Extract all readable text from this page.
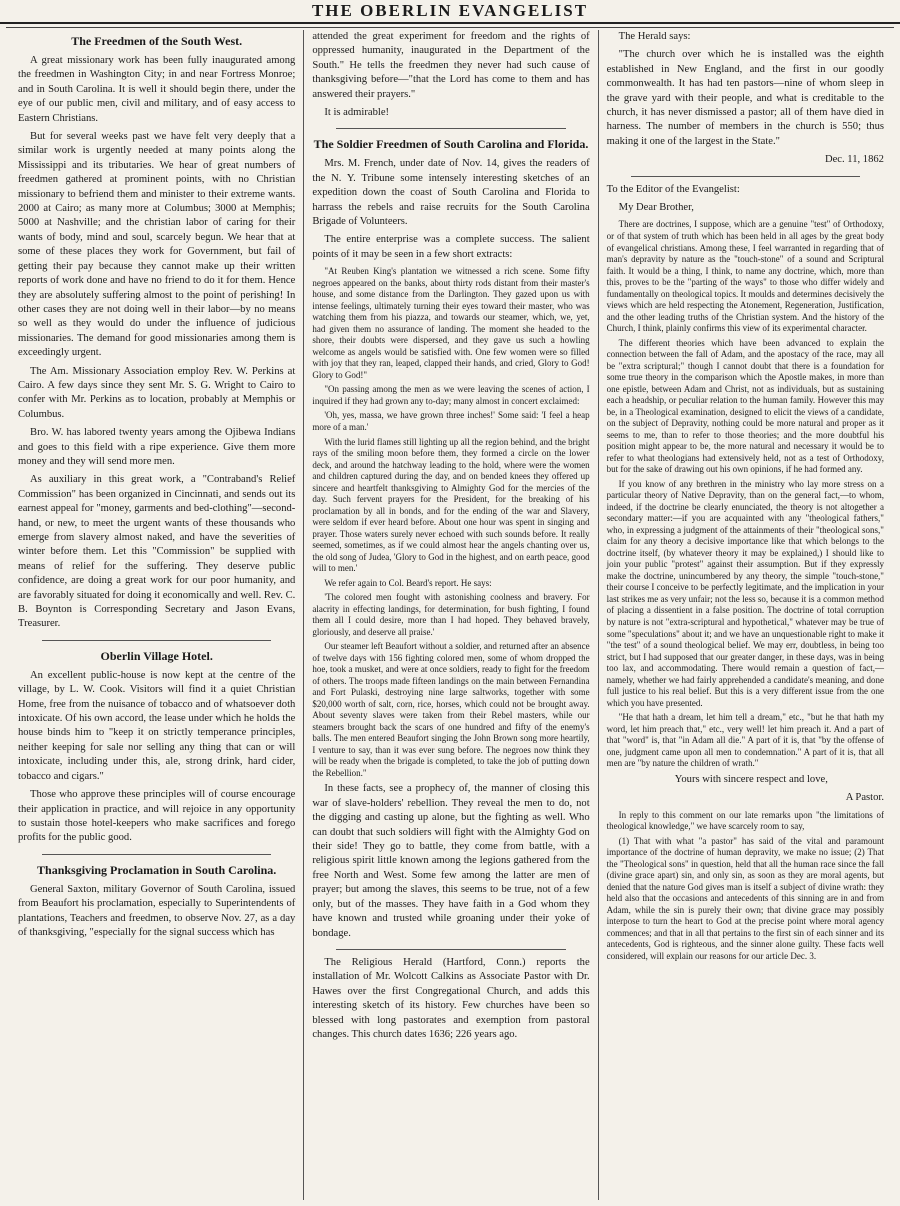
THE OBERLIN EVANGELIST
The Freedmen of the South West.

A great missionary work has been fully inaugurated among the freedmen in Washington City; in and near Fortress Monroe; and in South Carolina. It is well it should begin there, under the eye of our public men, civil and military, and of easy access to Eastern Christians.

But for several weeks past we have felt very deeply that a similar work is urgently needed at many points along the Mississippi and its tributaries. We hear of great numbers of freedmen gathered at prominent points, with no Christian missionary to befriend them and minister to their extreme wants. 2000 at Cairo; as many more at Columbus; 3000 at Memphis; 5000 at Nashville; and the christian labor of caring for their wants of body, mind and soul, scarcely begun. We hear that at some of these places they work for Government, but fail of getting their pay because they cannot make up their written reports of work done and have no friend to do it for them. Hence they are absolutely suffering almost to the point of perishing! In other cases they are not doing well in their labor—by no means so well as they would do under the influence of judicious missionaries. The demand for good missionaries among them is exceedingly urgent.

The Am. Missionary Association employ Rev. W. Perkins at Cairo. A few days since they sent Mr. S. G. Wright to Cairo to confer with Mr. Perkins as to location, probably at Memphis or Columbus.

Bro. W. has labored twenty years among the Ojibewa Indians and goes to this field with a ripe experience. Give them more money and they will send more men.

As auxiliary in this great work, a "Contraband's Relief Commission" has been organized in Cincinnati, and sends out its earnest appeal for "money, garments and bed-clothing"—second-hand, or new, to meet the urgent wants of these thousands who emerge from slavery almost naked, and have the severities of winter before them. Let this "Commission" be supplied with means of relief for the suffering. They deserve public confidence, are doing a great work for our poor humanity, and are favorably situated for doing it economically and well. Rev. C. B. Boynton is Corresponding Secretary and Jason Evans, Treasurer.

Oberlin Village Hotel.

An excellent public-house is now kept at the centre of the village, by L. W. Cook. Visitors will find it a quiet Christian Home, free from the nuisance of tobacco and of whatsoever doth intoxicate. Of his own accord, the lease under which he holds the house binds him to "keep it on strictly temperance principles, neither keeping for sale nor selling any thing that can or will intoxicate, including under this, ale, strong drink, hard cider, tobacco and cigars."

Those who approve these principles will of course encourage their application in practice, and will rejoice in any opportunity to sustain those hotel-keepers who make sacrifices and forego profits for the public good.

Thanksgiving Proclamation in South Carolina.

General Saxton, military Governor of South Carolina, issued from Beaufort his proclamation, especially to Superintendents of plantations, Teachers and freedmen, to observe Nov. 27, as a day of thanksgiving, "especially for the signal success which has

attended the great experiment for freedom and the rights of oppressed humanity, inaugurated in the Department of the South." He tells the freedmen they never had such cause of thanksgiving before—"that the Lord has come to them and has answered their prayers."

It is admirable!

The Soldier Freedmen of South Carolina and Florida.

Mrs. M. French, under date of Nov. 14, gives the readers of the N. Y. Tribune some intensely interesting sketches of an expedition down the coast of South Carolina and Florida to harrass the rebels and raise recruits for the South Carolina Brigade of Volunteers.

The entire enterprise was a complete success. The salient points of it may be seen in a few short extracts:

"At Reuben King's plantation we witnessed a rich scene. Some fifty negroes appeared on the banks, about thirty rods distant from their master's house, and some distance from the Darlington. They gazed upon us with intense feelings, ultimately turning their eyes toward their master, who was watching them from his piazza, and towards our steamer, which, we, yet, had given them no assurance of landing. The moment she headed to the shore, their doubts were dispersed, and they gave us such a howling welcome as angels would be satisfied with. One few women were so filled with joy that they ran, leaped, clapped their hands, and cried, Glory to God! Glory to God!"

"On passing among the men as we were leaving the scenes of action, I inquired if they had grown any to-day; many almost in concert exclaimed:

'Oh, yes, massa, we have grown three inches!' Some said: 'I feel a heap more of a man.'

With the lurid flames still lighting up all the region behind, and the bright rays of the smiling moon before them, they formed a circle on the lower deck, and around the hatchway leading to the hold, where were the women and children captured during the day, and on bended knees they offered up sincere and heartfelt thanksgiving to Almighty God for the mercies of the day. Such fervent prayers for the President, for the breaking of his proclamation by all in bonds, and for the ending of the war and Slavery, were seldom if ever heard before. About one hour was spent in singing and prayer. Those waters surely never echoed with such sounds before. It really seemed, sometimes, as if we could almost hear the angels chanting over us, the old song of Judea, 'Glory to God in the highest, and on earth peace, good will to men.'

We refer again to Col. Beard's report. He says:

'The colored men fought with astonishing coolness and bravery. For alacrity in effecting landings, for determination, for bush fighting, I found them all I could desire, more than I had hoped. They behaved bravely, gloriously, and deserve all praise.'

Our steamer left Beaufort without a soldier, and returned after an absence of twelve days with 156 fighting colored men, some of whom dropped the hoe, took a musket, and were at once soldiers, ready to fight for the freedom of others. The troops made fifteen landings on the main between Fernandina and Fort Pulaski, destroying nine large saltworks, together with some $20,000 worth of salt, corn, rice, horses, which could not be brought away. About seventy slaves were taken from their Rebel masters, while our steamers brought back the scars of one hundred and fifty of the enemy's balls. The men entered Beaufort singing the John Brown song more heartily, I venture to say, than it was ever sung before. The negroes now think they will be ready when the brigade is completed, to take the job of putting down the Rebellion."

In these facts, see a prophecy of, the manner of closing this war of slave-holders' rebellion. They reveal the men to do, not the digging and casting up alone, but the fighting as well. Who can doubt that such soldiers will fight with the Almighty God on their side! They go to battle, they come from battle, with a religious spirit little known among the legions gathered from the free North and West. Some few among the latter are men of prayer; but among the slaves, this seems to be true, not of a few only, but of the masses. They have faith in a God whom they have known and trusted while groaning under their yoke of bondage.

The Religious Herald (Hartford, Conn.) reports the installation of Mr. Wolcott Calkins as Associate Pastor with Dr. Hawes over the first Congregational Church, and adds this interesting sketch of its history. Few churches have been so blessed with long pastorates and exemption from pastoral changes. This church dates 1636; 226 years ago.

The Herald says:

"The church over which he is installed was the eighth established in New England, and the first in our goodly commonwealth. It has had ten pastors—nine of whom sleep in the grave yard with their people, and what is creditable to the church, it has never dismissed a pastor; all of them have died in harness. The number of members in the church is 550; thus making it one of the largest in the State."

Dec. 11, 1862

To the Editor of the Evangelist:

My Dear Brother,

There are doctrines, I suppose, which are a genuine "test" of Orthodoxy, or of that system of truth which has been held in all ages by the great body of evangelical christians. Among these, I feel warranted in regarding that of man's depravity by nature as the "touch-stone" of a sound and Scriptural faith. It would be a thing, I think, to name any doctrine, which, more than this, proves to be the "parting of the ways" to those who differ widely and fundamentally on theological topics. It moulds and determines decisively the views which are held respecting the Atonement, Regeneration, Justification, and the other leading truths of the Christian system. And the history of the Church, I think, plainly confirms this view of its experimental character.

The different theories which have been advanced to explain the connection between the fall of Adam, and the apostacy of the race, may all be "extra scriptural;" though I cannot doubt that there is a foundation for some true theory in the comparison which the Apostle makes, in more than one epistle, between Adam and Christ, not as individuals, but as sustaining each a headship, or peculiar relation to the human family. However this may be, in a Theological examination, designed to elicit the views of a candidate, on the subject of Depravity, nothing could be more natural and proper as it seems to me, than to refer to those theories; and the more doubtful his position might appear to be, the more natural and necessary it would be to refer to what theologians had extensively held, not as a test of Orthodoxy, but for the sake of drawing out his own opinions, if he had formed any.

If you know of any brethren in the ministry who lay more stress on a particular theory of Native Depravity, than on the general fact,—to whom, indeed, if the doctrine be clearly enunciated, the theory is not altogether a secondary matter:—if you are acquainted with any "theological fathers," who, in expressing a judgment of the attainments of their "theological sons," claim for any theory a decisive importance like that which belongs to the doctrine itself, (by whatever theory it may be explained,) I should like to join your public "protest" against their assumption. But if they expressly make the doctrine, unincumbered by any theory, the simple "touch-stone," their course I conceive to be perfectly legitimate, and the implication in your last strikes me as very unfair; not the less so, because it is a common method of placing a dissentient in a false position. The doctrine of total corruption by nature is not "extra-scriptural and hypothetical," whatever may be true of some "speculations" about it; and we have an unquestionable right to make it "the test" of a sound theological belief. We may err, doubtless, in being too strict, but I had supposed that our greater danger, in these days, was in being too lax, and accommodating. There would remain a question of fact,—namely, whether we had fairly apprehended a candidate's meaning, and done full justice to his real belief. But this is a very different issue from the one which you have presented.

"He that hath a dream, let him tell a dream," etc., "but he that hath my word, let him preach that," etc., very well! let him preach it. And a part of that "word" is, that "in Adam all die." A part of it is, that "by the offense of one, judgment came upon all men to condemnation." A part of it is, that all men are "by nature the children of wrath."

Yours with sincere respect and love,

A Pastor.

In reply to this comment on our late remarks upon "the limitations of theological knowledge," we have scarcely room to say,

(1) That with what "a pastor" has said of the vital and paramount importance of the doctrine of human depravity, we make no issue; (2) That the "Theological sons" in question, held that all the human race since the fall (divine grace apart) sin, and only sin, as soon as they are moral agents, but denied that the nature God gives man is itself a subject of divine wrath: they held also that the occasions and antecedents of this sinning are in and from Adam, while the sin is purely their own; that divine grace may possibly interpose to turn the heart to God at the precise point where moral agency commences; and that in all that pertains to the first sin of each sinner and its antecedents, God is righteous, and the sinner alone guilty. These facts well considered, will explain our reasons for our article Dec. 3.
